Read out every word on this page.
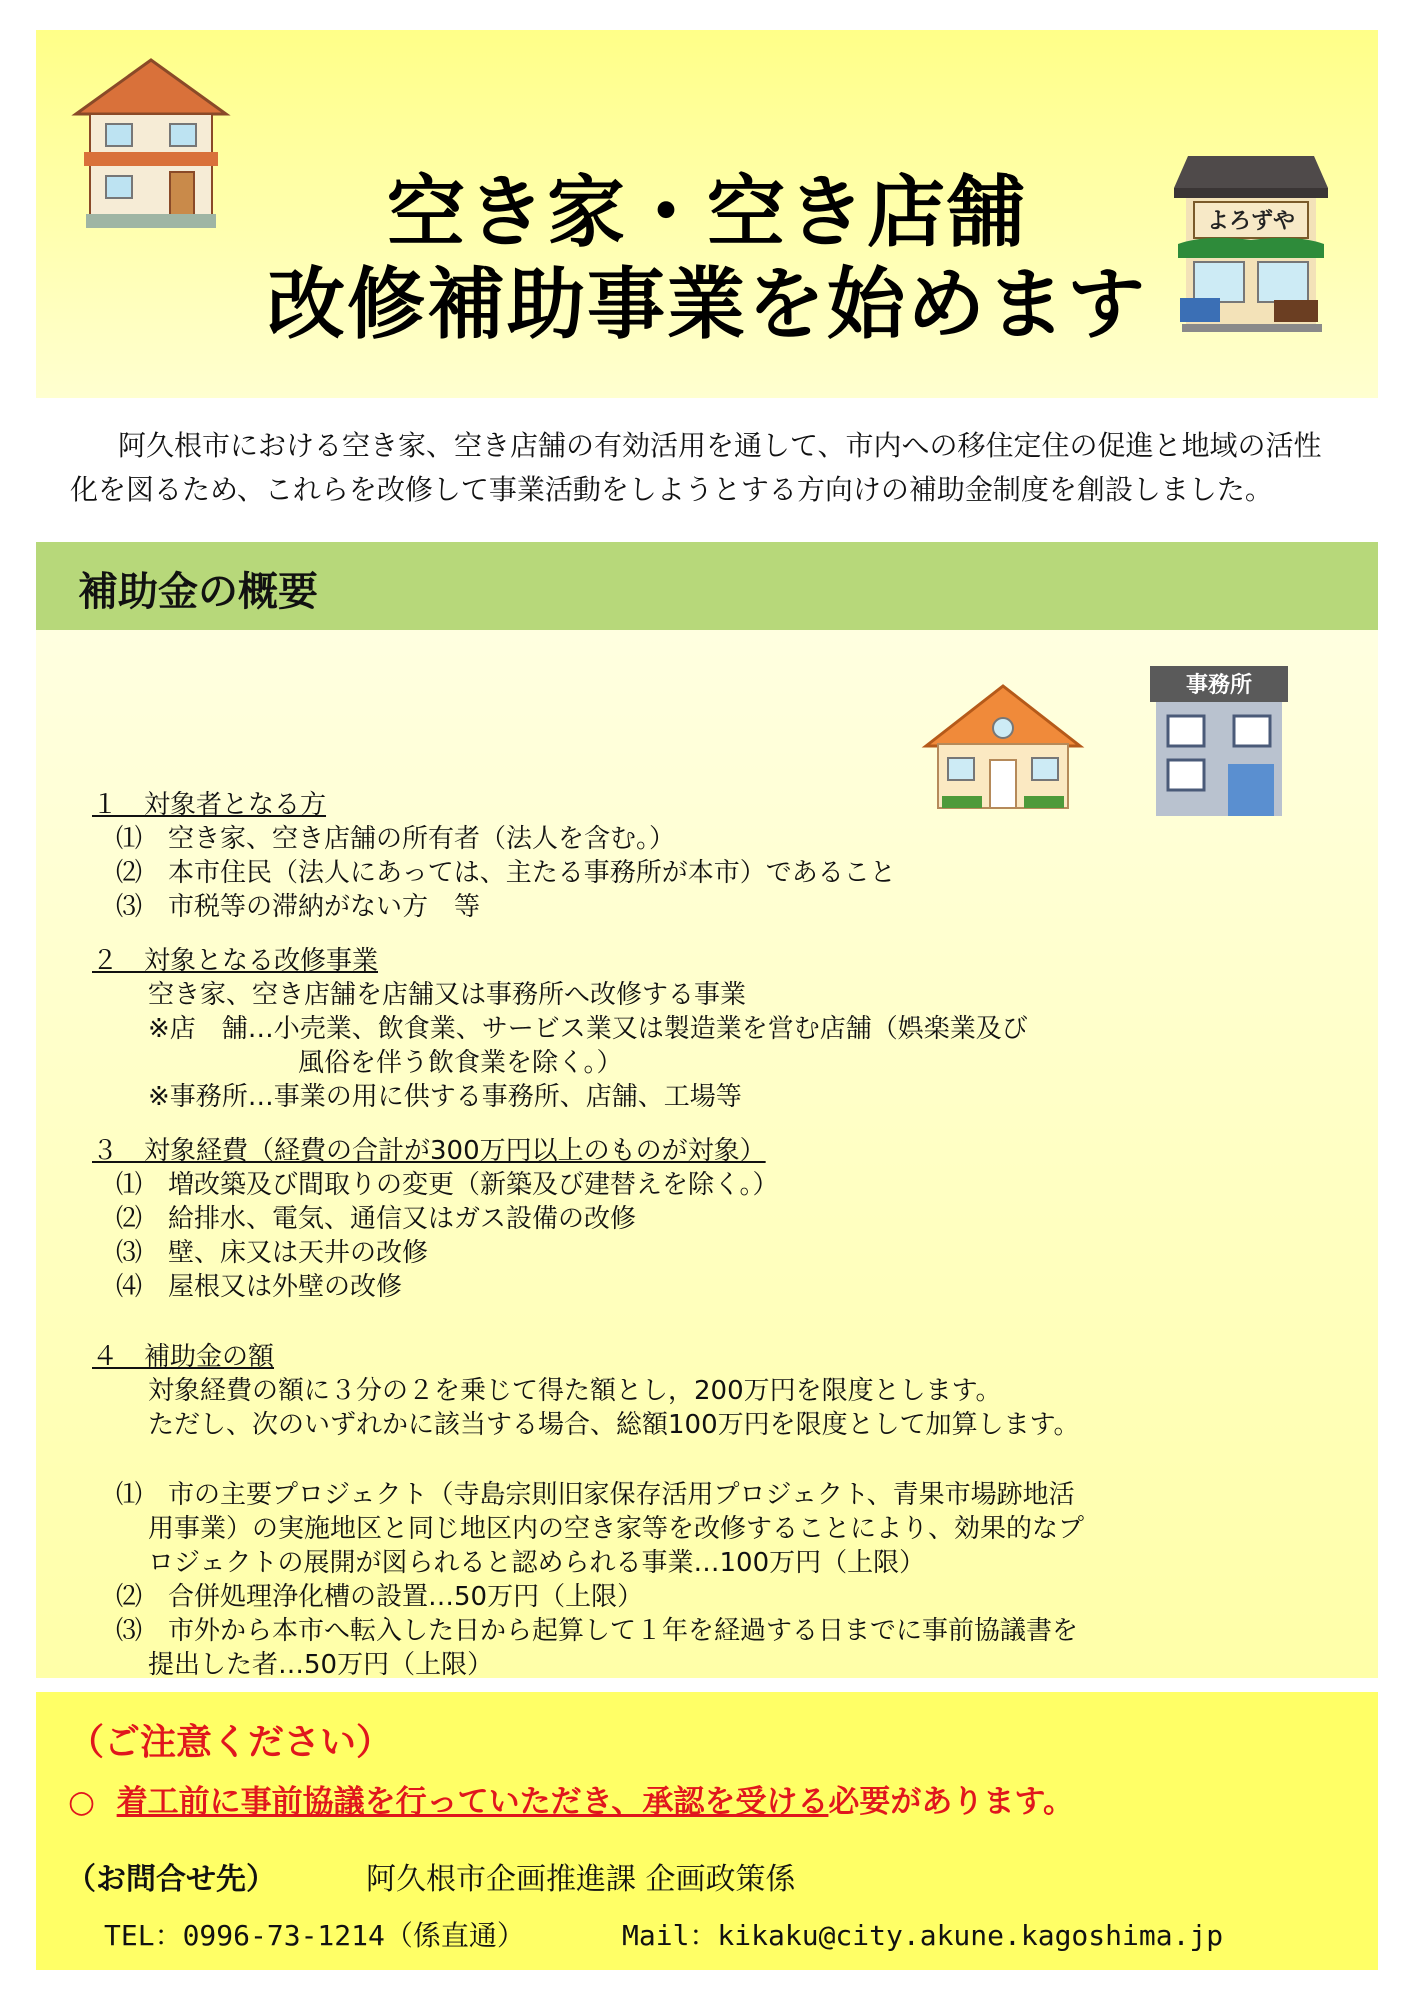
空き家・空き店舗
改修補助事業を始めます
よろずや

阿久根市における空き家、空き店舗の有効活用を通して、市内への移住定住の促進と地域の活性化を図るため、これらを改修して事業活動をしようとする方向けの補助金制度を創設しました。

補助金の概要
事務所
１　対象者となる方
⑴　空き家、空き店舗の所有者（法人を含む。）
⑵　本市住民（法人にあっては、主たる事務所が本市）であること
⑶　市税等の滞納がない方　等
２　対象となる改修事業
空き家、空き店舗を店舗又は事務所へ改修する事業
※店　舗…小売業、飲食業、サービス業又は製造業を営む店舗（娯楽業及び
風俗を伴う飲食業を除く。）
※事務所…事業の用に供する事務所、店舗、工場等
３　対象経費（経費の合計が300万円以上のものが対象）
⑴　増改築及び間取りの変更（新築及び建替えを除く。）
⑵　給排水、電気、通信又はガス設備の改修
⑶　壁、床又は天井の改修
⑷　屋根又は外壁の改修
４　補助金の額
対象経費の額に３分の２を乗じて得た額とし，200万円を限度とします。
ただし、次のいずれかに該当する場合、総額100万円を限度として加算します。
⑴　市の主要プロジェクト（寺島宗則旧家保存活用プロジェクト、青果市場跡地活
用事業）の実施地区と同じ地区内の空き家等を改修することにより、効果的なプ
ロジェクトの展開が図られると認められる事業…100万円（上限）
⑵　合併処理浄化槽の設置…50万円（上限）
⑶　市外から本市へ転入した日から起算して１年を経過する日までに事前協議書を
提出した者…50万円（上限）
（ご注意ください）
○ 着工前に事前協議を行っていただき、承認を受ける必要があります。
（お問合せ先）	阿久根市企画推進課 企画政策係
TEL：0996-73-1214（係直通）	Mail：kikaku@city.akune.kagoshima.jp
